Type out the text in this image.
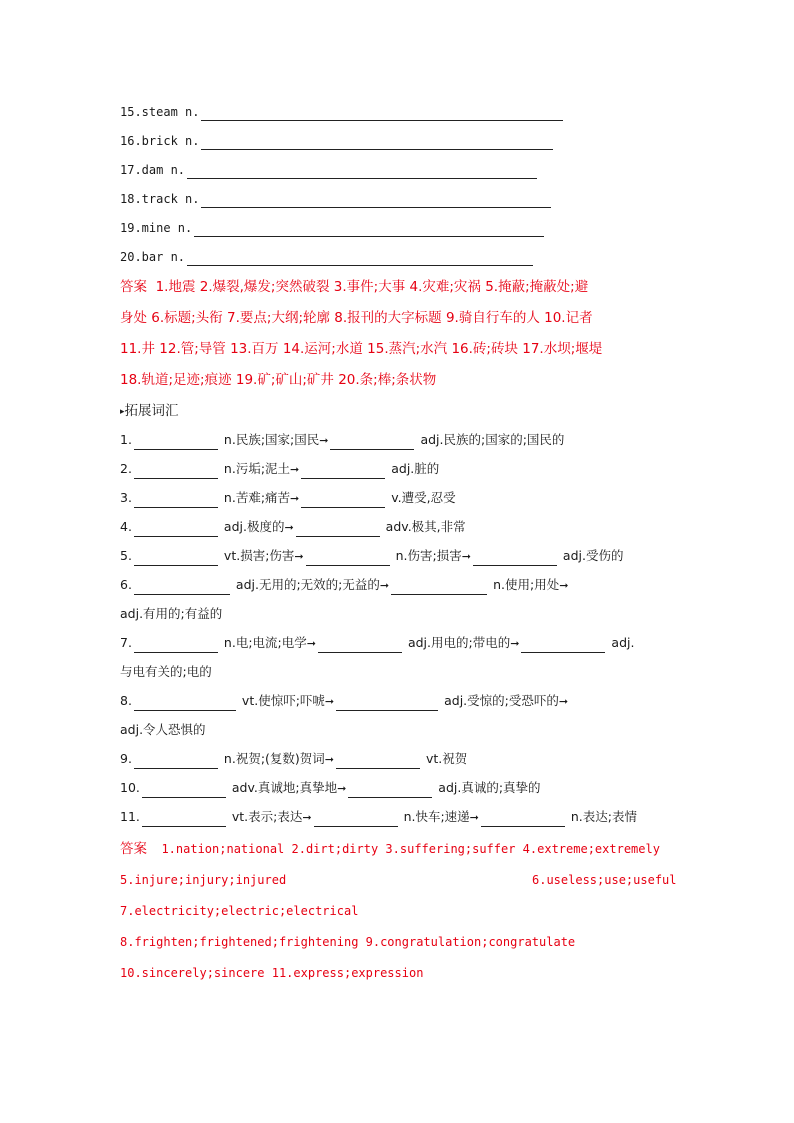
15.steam n.
16.brick n.
17.dam n.
18.track n.
19.mine n.
20.bar n.
答案 1.地震 2.爆裂,爆发;突然破裂 3.事件;大事 4.灾难;灾祸 5.掩蔽;掩蔽处;避
身处 6.标题;头衔 7.要点;大纲;轮廓 8.报刊的大字标题 9.骑自行车的人 10.记者
11.井 12.管;导管 13.百万 14.运河;水道 15.蒸汽;水汽 16.砖;砖块 17.水坝;堰堤
18.轨道;足迹;痕迹 19.矿;矿山;矿井 20.条;棒;条状物
▸拓展词汇
1.	n.民族;国家;国民➞	adj.民族的;国家的;国民的
2.	n.污垢;泥土➞	adj.脏的
3.	n.苦难;痛苦➞	v.遭受,忍受
4.	adj.极度的➞	adv.极其,非常
5.	vt.损害;伤害➞	n.伤害;损害➞	adj.受伤的
6.	adj.无用的;无效的;无益的➞	n.使用;用处➞
adj.有用的;有益的
7.	n.电;电流;电学➞	adj.用电的;带电的➞	adj.
与电有关的;电的
8.	vt.使惊吓;吓唬➞	adj.受惊的;受恐吓的➞
adj.令人恐惧的
9.	n.祝贺;(复数)贺词➞	vt.祝贺
10.	adv.真诚地;真挚地➞	adj.真诚的;真挚的
11.	vt.表示;表达➞	n.快车;速递➞	n.表达;表情
答案 1.nation;national 2.dirt;dirty 3.suffering;suffer 4.extreme;extremely
5.injure;injury;injured	6.useless;use;useful
7.electricity;electric;electrical
8.frighten;frightened;frightening 9.congratulation;congratulate
10.sincerely;sincere 11.express;expression
